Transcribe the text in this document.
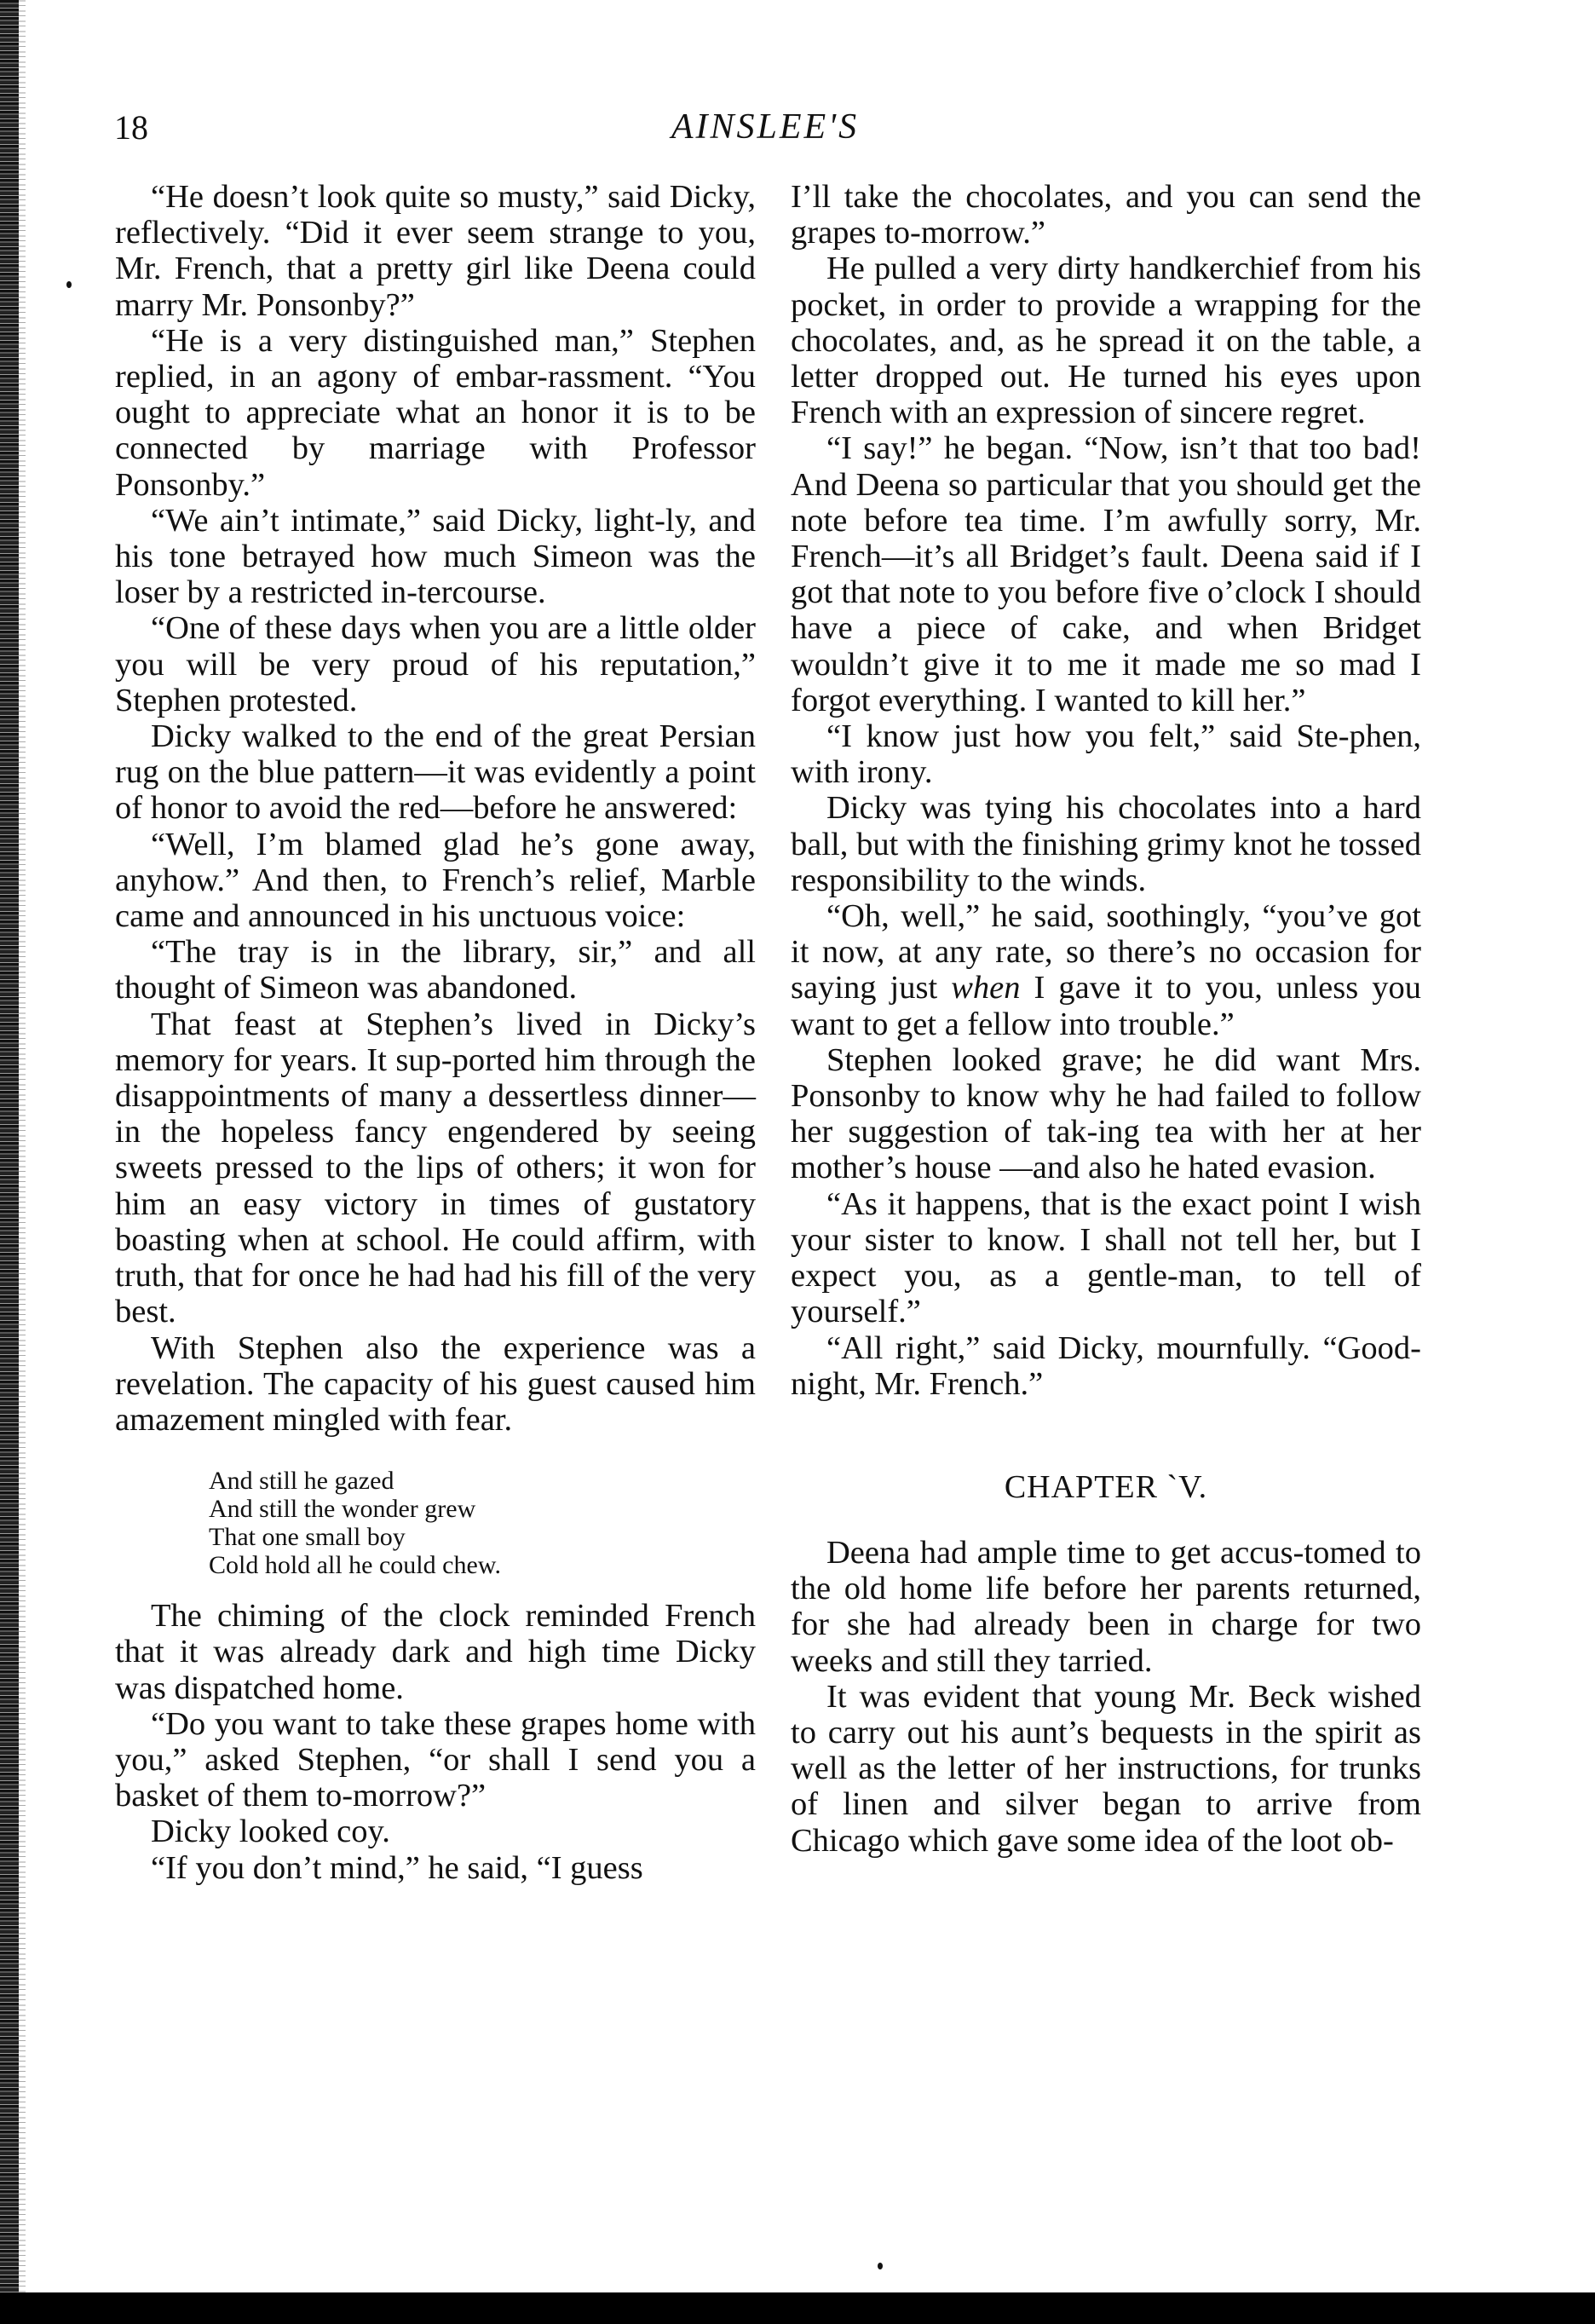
18	AINSLEE'S

“He doesn’t look quite so musty,” said Dicky, reflectively. “Did it ever seem strange to you, Mr. French, that a pretty girl like Deena could marry Mr. Ponsonby?”

“He is a very distinguished man,” Stephen replied, in an agony of embar-rassment. “You ought to appreciate what an honor it is to be connected by marriage with Professor Ponsonby.”

“We ain’t intimate,” said Dicky, light-ly, and his tone betrayed how much Simeon was the loser by a restricted in-tercourse.

“One of these days when you are a little older you will be very proud of his reputation,” Stephen protested.

Dicky walked to the end of the great Persian rug on the blue pattern—it was evidently a point of honor to avoid the red—before he answered:

“Well, I’m blamed glad he’s gone away, anyhow.” And then, to French’s relief, Marble came and announced in his unctuous voice:

“The tray is in the library, sir,” and all thought of Simeon was abandoned.

That feast at Stephen’s lived in Dicky’s memory for years. It sup-ported him through the disappointments of many a dessertless dinner—in the hopeless fancy engendered by seeing sweets pressed to the lips of others; it won for him an easy victory in times of gustatory boasting when at school. He could affirm, with truth, that for once he had had his fill of the very best.

With Stephen also the experience was a revelation. The capacity of his guest caused him amazement mingled with fear.

And still he gazed
And still the wonder grew
That one small boy
Cold hold all he could chew.

The chiming of the clock reminded French that it was already dark and high time Dicky was dispatched home.

“Do you want to take these grapes home with you,” asked Stephen, “or shall I send you a basket of them to-morrow?”

Dicky looked coy.

“If you don’t mind,” he said, “I guess

I’ll take the chocolates, and you can send the grapes to-morrow.”

He pulled a very dirty handkerchief from his pocket, in order to provide a wrapping for the chocolates, and, as he spread it on the table, a letter dropped out. He turned his eyes upon French with an expression of sincere regret.

“I say!” he began. “Now, isn’t that too bad! And Deena so particular that you should get the note before tea time. I’m awfully sorry, Mr. French—it’s all Bridget’s fault. Deena said if I got that note to you before five o’clock I should have a piece of cake, and when Bridget wouldn’t give it to me it made me so mad I forgot everything. I wanted to kill her.”

“I know just how you felt,” said Ste-phen, with irony.

Dicky was tying his chocolates into a hard ball, but with the finishing grimy knot he tossed responsibility to the winds.

“Oh, well,” he said, soothingly, “you’ve got it now, at any rate, so there’s no occasion for saying just when I gave it to you, unless you want to get a fellow into trouble.”

Stephen looked grave; he did want Mrs. Ponsonby to know why he had failed to follow her suggestion of tak-ing tea with her at her mother’s house —and also he hated evasion.

“As it happens, that is the exact point I wish your sister to know. I shall not tell her, but I expect you, as a gentle-man, to tell of yourself.”

“All right,” said Dicky, mournfully. “Good-night, Mr. French.”

CHAPTER ˋV.

Deena had ample time to get accus-tomed to the old home life before her parents returned, for she had already been in charge for two weeks and still they tarried.

It was evident that young Mr. Beck wished to carry out his aunt’s bequests in the spirit as well as the letter of her instructions, for trunks of linen and silver began to arrive from Chicago which gave some idea of the loot ob-
